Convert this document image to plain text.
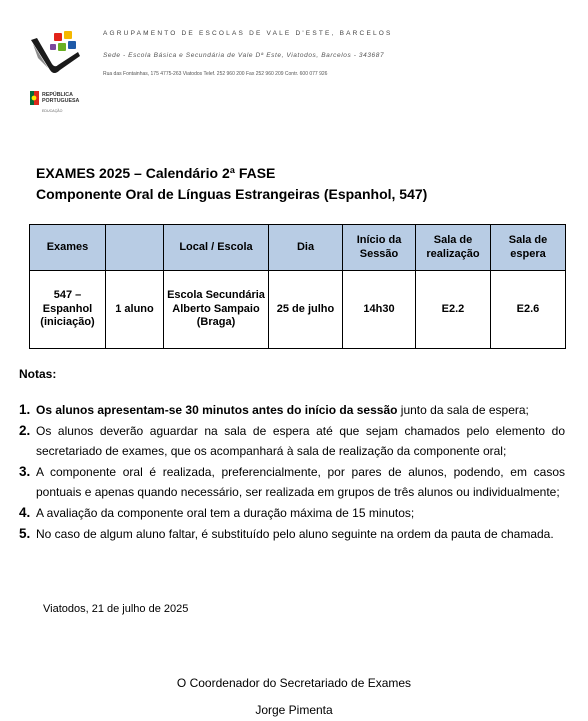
AGRUPAMENTO DE ESCOLAS DE VALE D'ESTE, BARCELOS
Sede - Escola Básica e Secundária de Vale Dª Este, Viatodos, Barcelos - 343687
Rua das Fontainhas, 175 4775-263 Viatodos Telef. 252 960 200 Fax 252 960 209 Contr. 600 077 926
REPÚBLICA
PORTUGUESA
EDUCAÇÃO
EXAMES 2025 – Calendário 2ª FASE
Componente Oral de Línguas Estrangeiras (Espanhol, 547)
Exames		Local / Escola	Dia	Início da Sessão	Sala de realização	Sala de espera
547 – Espanhol (iniciação)	1 aluno	Escola Secundária Alberto Sampaio (Braga)	25 de julho	14h30	E2.2	E2.6
Notas:
1. Os alunos apresentam-se 30 minutos antes do início da sessão junto da sala de espera;
2. Os alunos deverão aguardar na sala de espera até que sejam chamados pelo elemento do secretariado de exames, que os acompanhará à sala de realização da componente oral;
3. A componente oral é realizada, preferencialmente, por pares de alunos, podendo, em casos pontuais e apenas quando necessário, ser realizada em grupos de três alunos ou individualmente;
4. A avaliação da componente oral tem a duração máxima de 15 minutos;
5. No caso de algum aluno faltar, é substituído pelo aluno seguinte na ordem da pauta de chamada.
Viatodos, 21 de julho de 2025
O Coordenador do Secretariado de Exames
Jorge Pimenta
